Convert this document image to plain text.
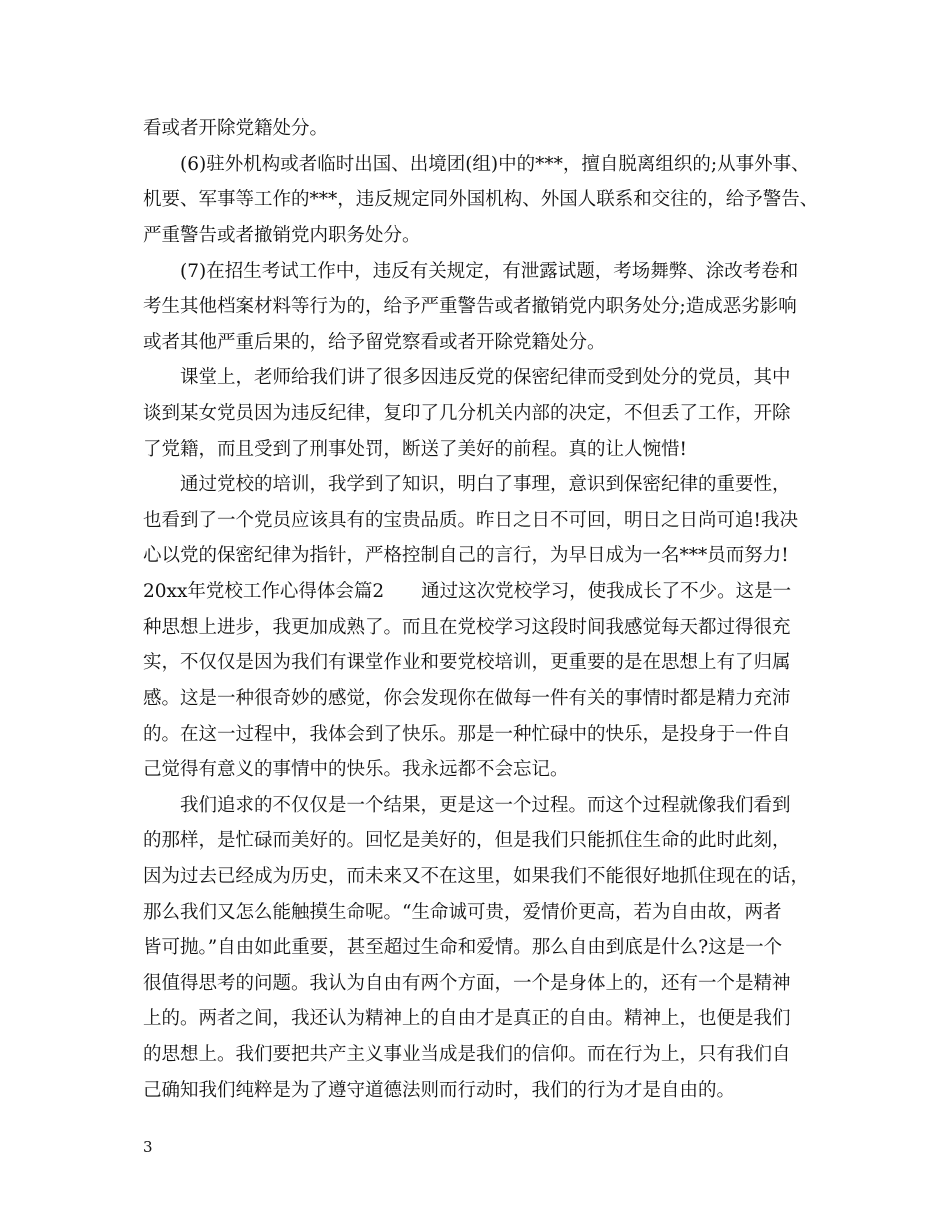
看或者开除党籍处分。
(6)驻外机构或者临时出国、出境团(组)中的***，擅自脱离组织的;从事外事、
机要、军事等工作的***，违反规定同外国机构、外国人联系和交往的，给予警告、
严重警告或者撤销党内职务处分。
(7)在招生考试工作中，违反有关规定，有泄露试题，考场舞弊、涂改考卷和
考生其他档案材料等行为的，给予严重警告或者撤销党内职务处分;造成恶劣影响
或者其他严重后果的，给予留党察看或者开除党籍处分。
课堂上，老师给我们讲了很多因违反党的保密纪律而受到处分的党员，其中
谈到某女党员因为违反纪律，复印了几分机关内部的决定，不但丢了工作，开除
了党籍，而且受到了刑事处罚，断送了美好的前程。真的让人惋惜!
通过党校的培训，我学到了知识，明白了事理，意识到保密纪律的重要性，
也看到了一个党员应该具有的宝贵品质。昨日之日不可回，明日之日尚可追!我决
心以党的保密纪律为指针，严格控制自己的言行，为早日成为一名***员而努力!
20xx年党校工作心得体会篇2　　通过这次党校学习，使我成长了不少。这是一
种思想上进步，我更加成熟了。而且在党校学习这段时间我感觉每天都过得很充
实，不仅仅是因为我们有课堂作业和要党校培训，更重要的是在思想上有了归属
感。这是一种很奇妙的感觉，你会发现你在做每一件有关的事情时都是精力充沛
的。在这一过程中，我体会到了快乐。那是一种忙碌中的快乐，是投身于一件自
己觉得有意义的事情中的快乐。我永远都不会忘记。
我们追求的不仅仅是一个结果，更是这一个过程。而这个过程就像我们看到
的那样，是忙碌而美好的。回忆是美好的，但是我们只能抓住生命的此时此刻，
因为过去已经成为历史，而未来又不在这里，如果我们不能很好地抓住现在的话，
那么我们又怎么能触摸生命呢。“生命诚可贵，爱情价更高，若为自由故，两者
皆可抛。”自由如此重要，甚至超过生命和爱情。那么自由到底是什么?这是一个
很值得思考的问题。我认为自由有两个方面，一个是身体上的，还有一个是精神
上的。两者之间，我还认为精神上的自由才是真正的自由。精神上，也便是我们
的思想上。我们要把共产主义事业当成是我们的信仰。而在行为上，只有我们自
己确知我们纯粹是为了遵守道德法则而行动时，我们的行为才是自由的。
3
